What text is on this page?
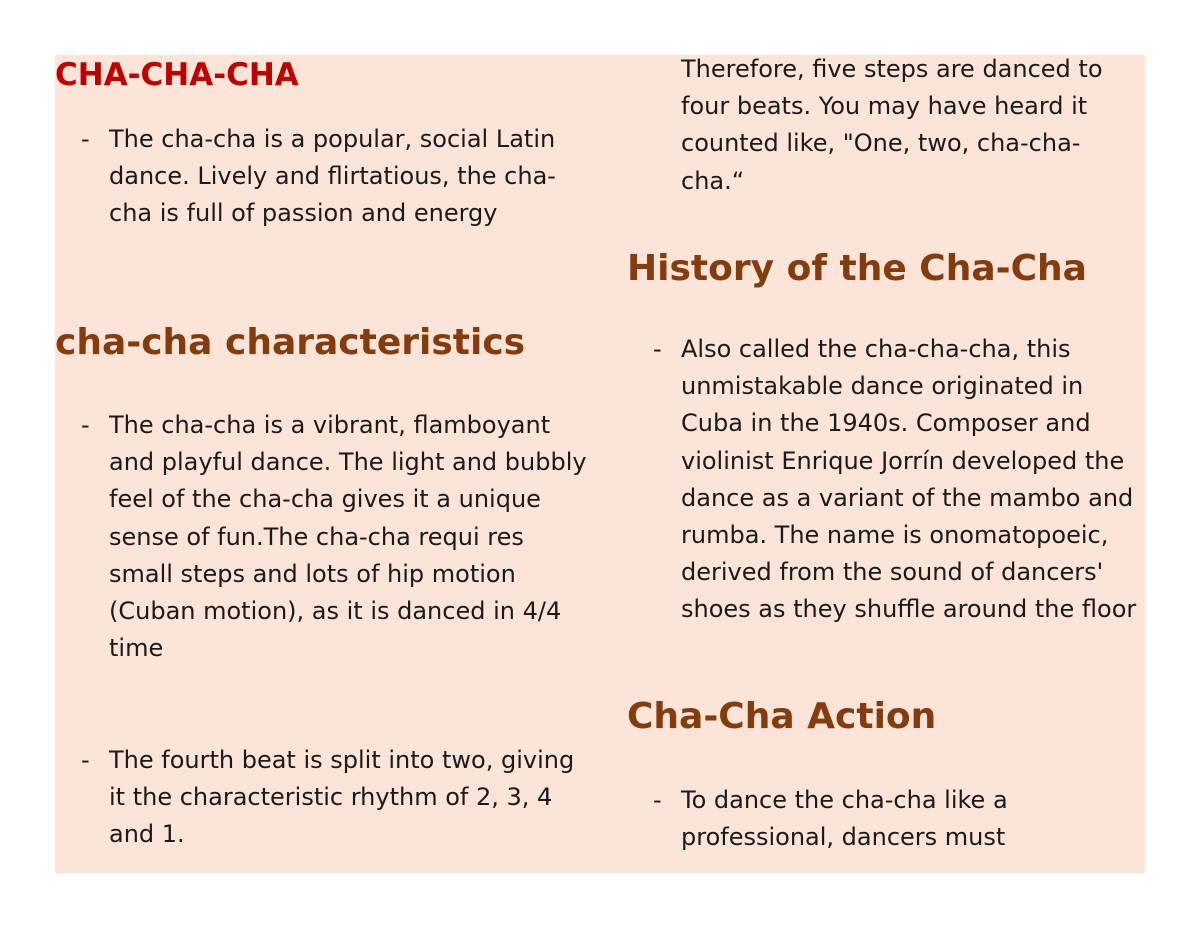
CHA-CHA-CHA
- The cha-cha is a popular, social Latin dance. Lively and flirtatious, the cha-cha is full of passion and energy
cha-cha characteristics
- The cha-cha is a vibrant, flamboyant and playful dance. The light and bubbly feel of the cha-cha gives it a unique sense of fun.The cha-cha requi res small steps and lots of hip motion (Cuban motion), as it is danced in 4/4 time
- The fourth beat is split into two, giving it the characteristic rhythm of 2, 3, 4 and 1.
Therefore, five steps are danced to four beats. You may have heard it counted like, "One, two, cha-cha-cha.“
History of the Cha-Cha
- Also called the cha-cha-cha, this unmistakable dance originated in Cuba in the 1940s. Composer and violinist Enrique Jorrín developed the dance as a variant of the mambo and rumba. The name is onomatopoeic, derived from the sound of dancers' shoes as they shuffle around the floor
Cha-Cha Action
- To dance the cha-cha like a professional, dancers must
